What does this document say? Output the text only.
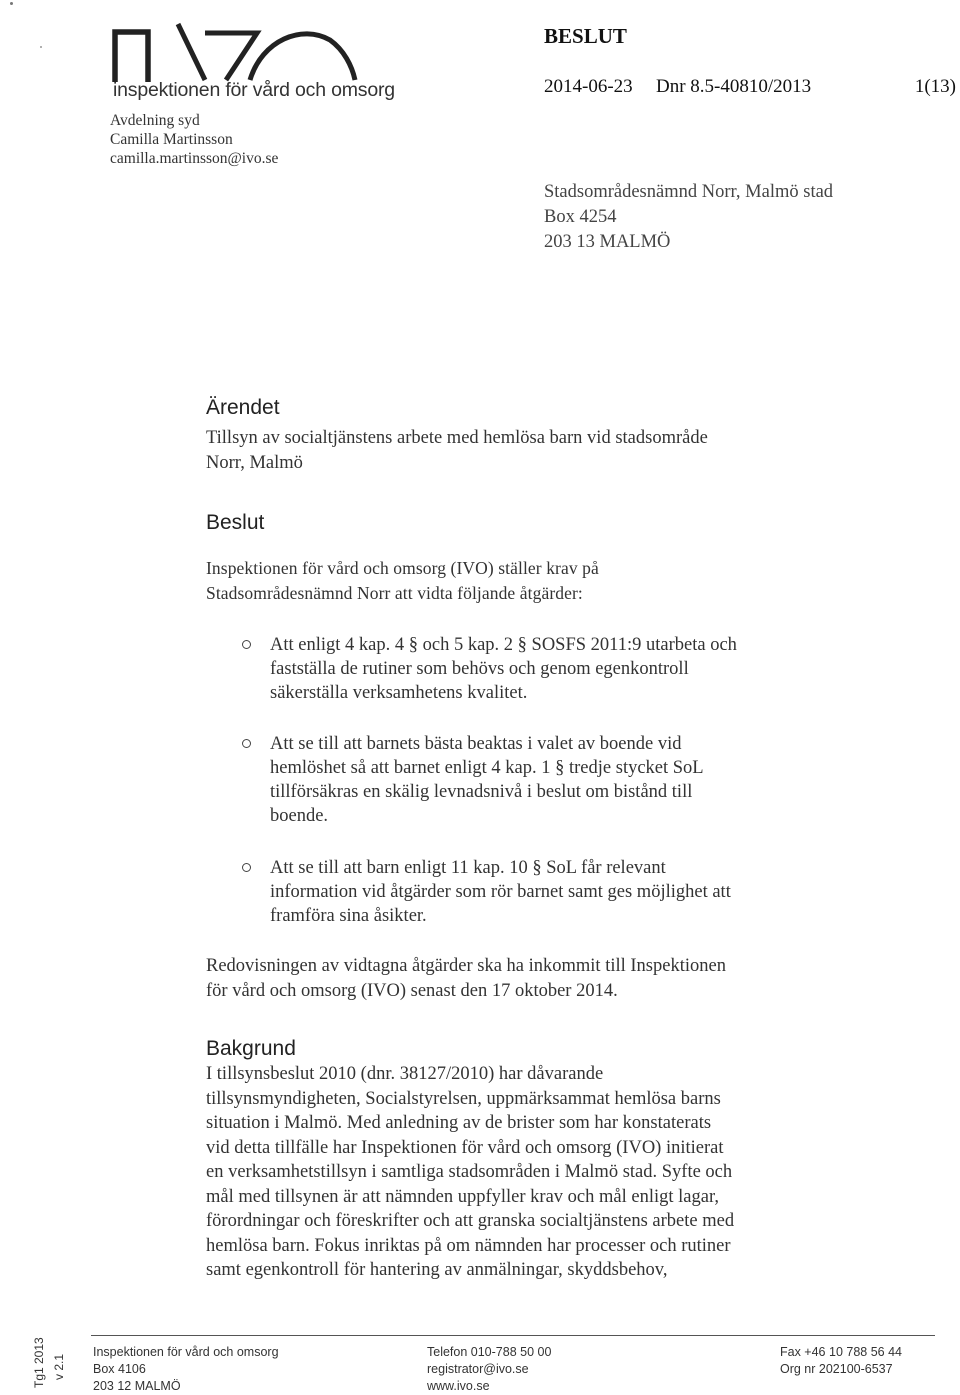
inspektionen för vård och omsorg
BESLUT
2014-06-23 Dnr 8.5-40810/2013	1(13)
Avdelning syd
Camilla Martinsson
camilla.martinsson@ivo.se
Stadsområdesnämnd Norr, Malmö stad
Box 4254
203 13 MALMÖ
Ärendet
Tillsyn av socialtjänstens arbete med hemlösa barn vid stadsområde
Norr, Malmö
Beslut
Inspektionen för vård och omsorg (IVO) ställer krav på
Stadsområdesnämnd Norr att vidta följande åtgärder:
Att enligt 4 kap. 4 § och 5 kap. 2 § SOSFS 2011:9 utarbeta och
fastställa de rutiner som behövs och genom egenkontroll
säkerställa verksamhetens kvalitet.
Att se till att barnets bästa beaktas i valet av boende vid
hemlöshet så att barnet enligt 4 kap. 1 § tredje stycket SoL
tillförsäkras en skälig levnadsnivå i beslut om bistånd till
boende.
Att se till att barn enligt 11 kap. 10 § SoL får relevant
information vid åtgärder som rör barnet samt ges möjlighet att
framföra sina åsikter.
Redovisningen av vidtagna åtgärder ska ha inkommit till Inspektionen
för vård och omsorg (IVO) senast den 17 oktober 2014.
Bakgrund
I tillsynsbeslut 2010 (dnr. 38127/2010) har dåvarande
tillsynsmyndigheten, Socialstyrelsen, uppmärksammat hemlösa barns
situation i Malmö. Med anledning av de brister som har konstaterats
vid detta tillfälle har Inspektionen för vård och omsorg (IVO) initierat
en verksamhetstillsyn i samtliga stadsområden i Malmö stad. Syfte och
mål med tillsynen är att nämnden uppfyller krav och mål enligt lagar,
förordningar och föreskrifter och att granska socialtjänstens arbete med
hemlösa barn. Fokus inriktas på om nämnden har processer och rutiner
samt egenkontroll för hantering av anmälningar, skyddsbehov,
Tg1 2013 v 2.1
Inspektionen för vård och omsorg
Box 4106
203 12 MALMÖ
Telefon 010-788 50 00
registrator@ivo.se
www.ivo.se
Fax +46 10 788 56 44
Org nr 202100-6537
